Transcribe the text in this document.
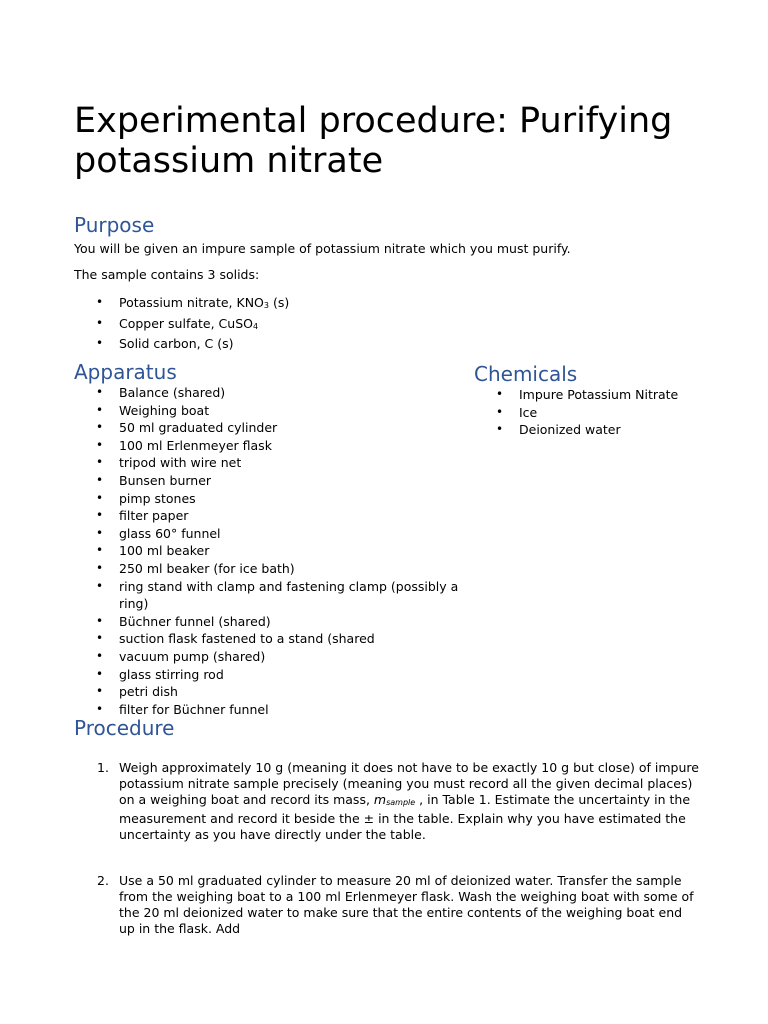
Experimental procedure: Purifying potassium nitrate
Purpose

You will be given an impure sample of potassium nitrate which you must purify.

The sample contains 3 solids:

• Potassium nitrate, KNO3 (s)
• Copper sulfate, CuSO4
• Solid carbon, C (s)
Apparatus
• Balance (shared)
• Weighing boat
• 50 ml graduated cylinder
• 100 ml Erlenmeyer flask
• tripod with wire net
• Bunsen burner
• pimp stones
• filter paper
• glass 60° funnel
• 100 ml beaker
• 250 ml beaker (for ice bath)
• ring stand with clamp and fastening clamp (possibly a ring)
• Büchner funnel (shared)
• suction flask fastened to a stand (shared
• vacuum pump (shared)
• glass stirring rod
• petri dish
• filter for Büchner funnel
Chemicals
• Impure Potassium Nitrate
• Ice
• Deionized water
Procedure
1. Weigh approximately 10 g (meaning it does not have to be exactly 10 g but close) of impure potassium nitrate sample precisely (meaning you must record all the given decimal places) on a weighing boat and record its mass, msample , in Table 1. Estimate the uncertainty in the measurement and record it beside the ± in the table. Explain why you have estimated the uncertainty as you have directly under the table.
2. Use a 50 ml graduated cylinder to measure 20 ml of deionized water. Transfer the sample from the weighing boat to a 100 ml Erlenmeyer flask. Wash the weighing boat with some of the 20 ml deionized water to make sure that the entire contents of the weighing boat end up in the flask. Add
